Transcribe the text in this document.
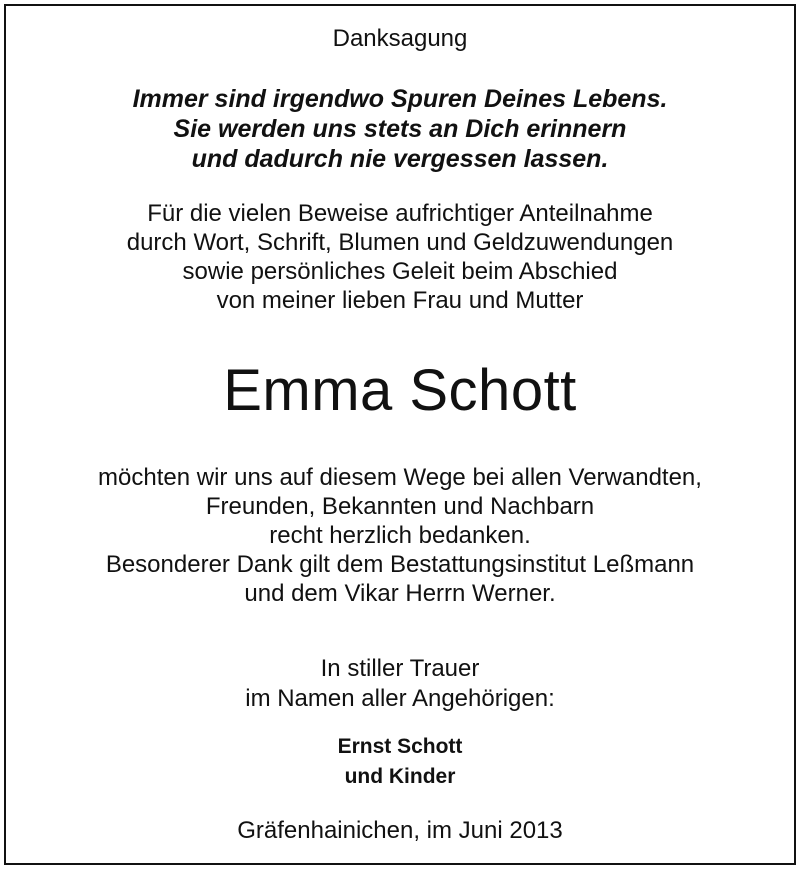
Danksagung
Immer sind irgendwo Spuren Deines Lebens.
Sie werden uns stets an Dich erinnern
und dadurch nie vergessen lassen.
Für die vielen Beweise aufrichtiger Anteilnahme
durch Wort, Schrift, Blumen und Geldzuwendungen
sowie persönliches Geleit beim Abschied
von meiner lieben Frau und Mutter
Emma Schott
möchten wir uns auf diesem Wege bei allen Verwandten,
Freunden, Bekannten und Nachbarn
recht herzlich bedanken.
Besonderer Dank gilt dem Bestattungsinstitut Leßmann
und dem Vikar Herrn Werner.
In stiller Trauer
im Namen aller Angehörigen:
Ernst Schott
und Kinder
Gräfenhainichen, im Juni 2013
